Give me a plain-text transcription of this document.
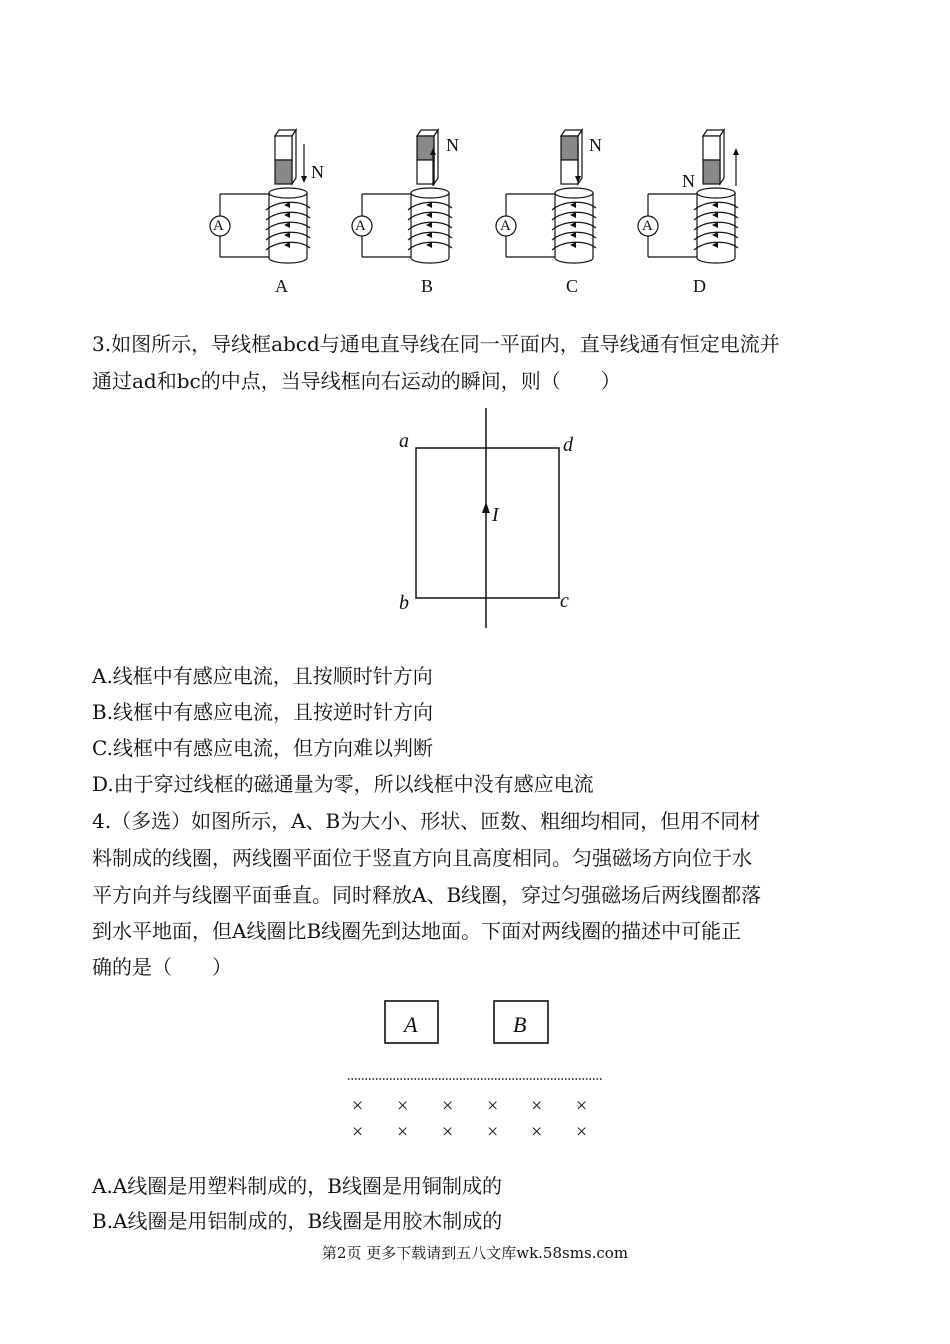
A	B	C	D
A	A	A	A
N
N	N
N
3.如图所示，导线框abcd与通电直导线在同一平面内，直导线通有恒定电流并
通过ad和bc的中点，当导线框向右运动的瞬间，则（　　）
a	d
b	c
I
A.线框中有感应电流，且按顺时针方向
B.线框中有感应电流，且按逆时针方向
C.线框中有感应电流，但方向难以判断
D.由于穿过线框的磁通量为零，所以线框中没有感应电流
4.（多选）如图所示，A、B为大小、形状、匝数、粗细均相同，但用不同材
料制成的线圈，两线圈平面位于竖直方向且高度相同。匀强磁场方向位于水
平方向并与线圈平面垂直。同时释放A、B线圈，穿过匀强磁场后两线圈都落
到水平地面，但A线圈比B线圈先到达地面。下面对两线圈的描述中可能正
确的是（　　）
A	B
× × × × × ×
× × × × × ×
A.A线圈是用塑料制成的，B线圈是用铜制成的
B.A线圈是用铝制成的，B线圈是用胶木制成的
第2页 更多下载请到五八文库wk.58sms.com
